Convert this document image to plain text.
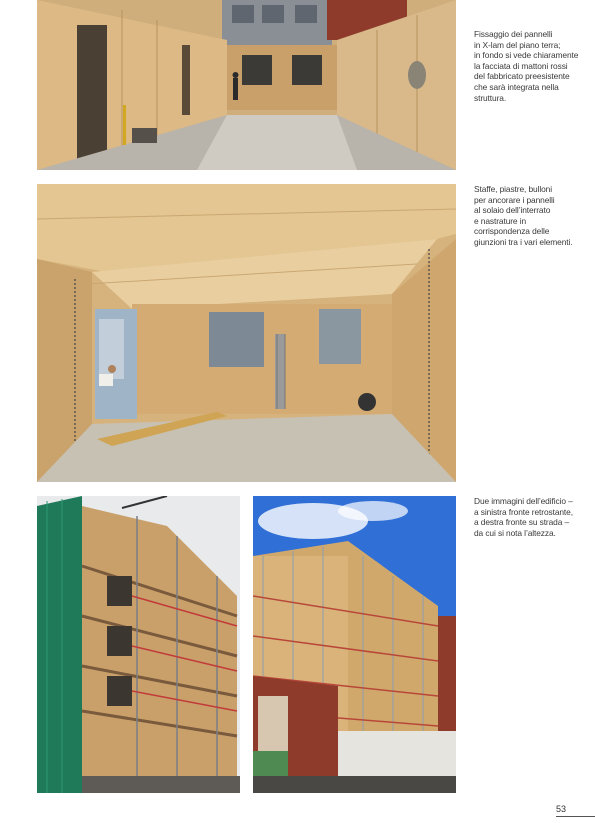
Fissaggio dei pannelli
in X-lam del piano terra;
in fondo si vede chiaramente
la facciata di mattoni rossi
del fabbricato preesistente
che sarà integrata nella
struttura.
Staffe, piastre, bulloni
per ancorare i pannelli
al solaio dell’interrato
e nastrature in
corrispondenza delle
giunzioni tra i vari elementi.
Due immagini dell’edificio –
a sinistra fronte retrostante,
a destra fronte su strada –
da cui si nota l’altezza.
53
